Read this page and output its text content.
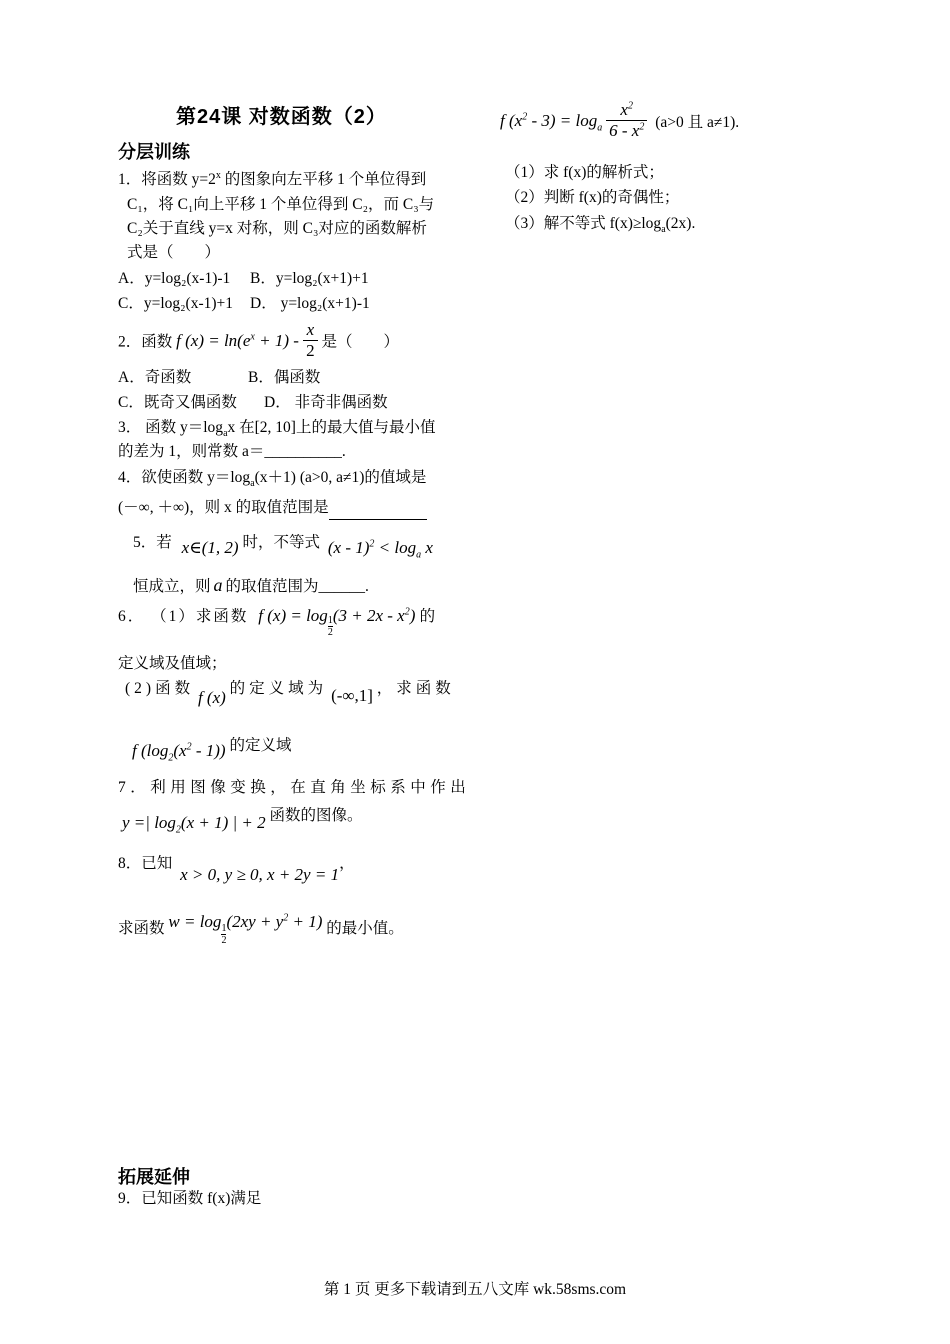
第24课 对数函数（2）
分层训练
1．将函数 $y=2^x$ 的图象向左平移 1 个单位得到
C₁，将 C₁向上平移 1 个单位得到 C₂，而 C₃与
C₂关于直线 y=x 对称，则 C₃对应的函数解析
式是（　　）
A．y=log₂(x-1)-1 B．y=log₂(x+1)+1
C．y=log₂(x-1)+1 D． y=log₂(x+1)-1
2．函数 f $(x) = \ln(e^x + 1) - \frac{x}{2}$ 是（　　）
A．奇函数	B．偶函数
C．既奇又偶函数 D． 非奇非偶函数
3． 函数 $y=\log_ax$ 在[2, 10]上的最大值与最小值
的差为 1，则常数 a＝__________.
4．欲使函数 $y=\log_a(x+1)$ (a>0, a≠1)的值域是
(－∞, ＋∞)，则 x 的取值范围是
5．若 x∈(1, 2) 时，不等式 $(x - 1)^2 < \log_a x$
恒成立，则 a 的取值范围为______.
6． （1）求函数 f $(x) = \log \frac{1}{2} (3 + 2x - x^2)$ 的
定义域及值域；
(2)函数 f (x) 的定义域为 (-∞,1] ，求函数
f $(\log_2(x^2 - 1))$ 的定义域
7．利用图像变换，在直角坐标系中作出
y =| $\log_2(x + 1)$ | + 2 函数的图像。
8．已知 x > 0, y ≥ 0, x + 2y = 1，
求函数 w = log
$\frac{1}{2}$
$(2xy + y^2 + 1)$ 的最小值。
f $(x^2 - 3) = \log_a \frac{x^2}{6 - x^2} (a>0$ 且 a≠1).
（1）求 f(x)的解析式；
（2）判断 f(x)的奇偶性；
（3）解不等式 $f(x)\ge\log_a(2x)$.
拓展延伸
9．已知函数 f(x)满足
第 1 页 更多下载请到五八文库 wk.58sms.com
